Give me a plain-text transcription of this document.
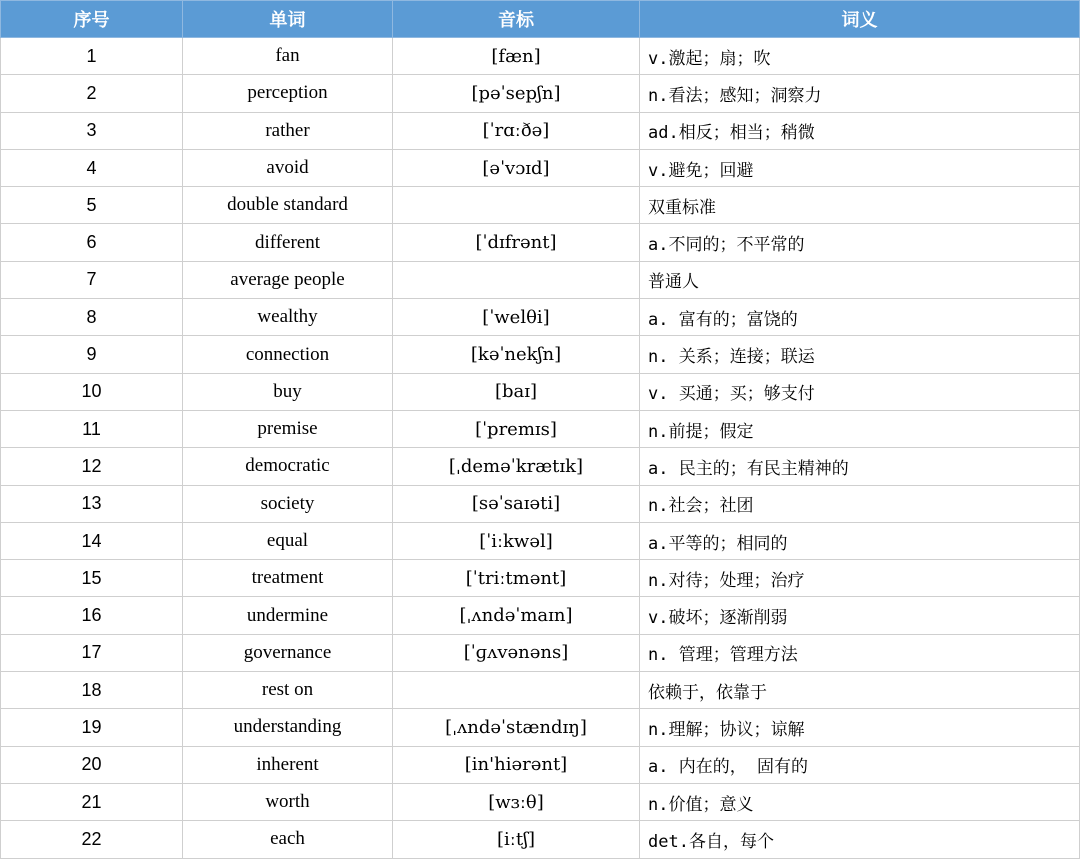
序号	单词	音标	词义
1	fan	[fæn]	v.激起；扇；吹
2	perception	[pəˈsepʃn]	n.看法；感知；洞察力
3	rather	[ˈrɑːðə]	ad.相反；相当；稍微
4	avoid	[əˈvɔɪd]	v.避免；回避
5	double standard		双重标准
6	different	[ˈdɪfrənt]	a.不同的；不平常的
7	average people		普通人
8	wealthy	[ˈwelθi]	a. 富有的；富饶的
9	connection	[kəˈnekʃn]	n. 关系；连接；联运
10	buy	[baɪ]	v. 买通；买；够支付
11	premise	[ˈpremɪs]	n.前提；假定
12	democratic	[ˌdeməˈkrætɪk]	a. 民主的；有民主精神的
13	society	[səˈsaɪəti]	n.社会；社团
14	equal	[ˈiːkwəl]	a.平等的；相同的
15	treatment	[ˈtriːtmənt]	n.对待；处理；治疗
16	undermine	[ˌʌndəˈmaɪn]	v.破坏；逐渐削弱
17	governance	[ˈɡʌvənəns]	n. 管理；管理方法
18	rest on		依赖于，依靠于
19	understanding	[ˌʌndəˈstændɪŋ]	n.理解；协议；谅解
20	inherent	[in'hiərənt]	a. 内在的， 固有的
21	worth	[wɜːθ]	n.价值；意义
22	each	[iːtʃ]	det.各自，每个
